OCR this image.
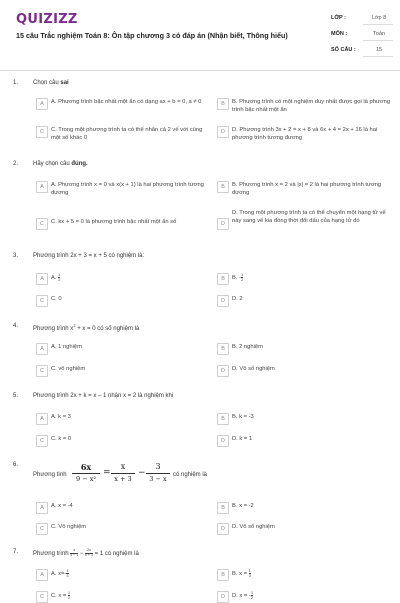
QUIZIZZ
15 câu Trắc nghiệm Toán 8: Ôn tập chương 3 có đáp án (Nhận biết, Thông hiểu)
LỚP :	Lớp 8
MÔN :	Toán
SỐ CÂU :	15
1. Chọn câu sai
A	A. Phương trình bậc nhất một ẩn có dạng ax + b = 0, a ≠ 0	B	B. Phương trình có một nghiệm duy nhất được gọi là phương trình bậc nhất một ẩn
C	C. Trong một phương trình ta có thể nhân cả 2 vế với cùng một số khác 0
D	D. Phương trình 3x + 2 = x + 8 và 6x + 4 = 2x + 16 là hai phương trình tương đương
2. Hãy chọn câu đúng.
A	A. Phương trình x = 0 và x(x + 1) là hai phương trình tương đương
B	B. Phương trình x = 2 và |x| = 2 là hai phương trình tương đương
C	C. kx + 5 = 0 là phương trình bậc nhất một ẩn số	D
D. Trong một phương trình ta có thể chuyển một hạng tử vế này sang vế kia đồng thời đổi dấu của hạng tử đó
3. Phương trình 2x + 3 = x + 5 có nghiệm là:
A	A. $\frac{1}{2}$	B	B. - $\frac{1}{2}$
C	C. 0	D	D. 2
4. Phương trình $x^2 + x = 0$ có số nghiệm là
A	A. 1 nghiệm	B	B. 2 nghiệm
C	C. vô nghiệm	D	D. Vô số nghiệm
5. Phương trình 2x + k = x – 1 nhận x = 2 là nghiệm khi
A	A. k = 3	B	B. k = -3
C	C. k = 0	D	D. k = 1
6.
Phương tình
6x
9 − x²
=
x
x + 3
−
3
3 − x	có nghiệm là
A	A. x = -4	B	B. x = -2
C	C. Vô nghiệm	D	D. Vô số nghiệm
7. Phương trình $\frac{x}{x - 1} - \frac{2x}{x + 1} = 1$ có nghiệm là
A	A. $x=- \frac{1}{3}$	B	B. $x = \frac{1}{3}$
C	C. $x = \frac{1}{2}$	D	D. x = - $\frac{1}{2}$
